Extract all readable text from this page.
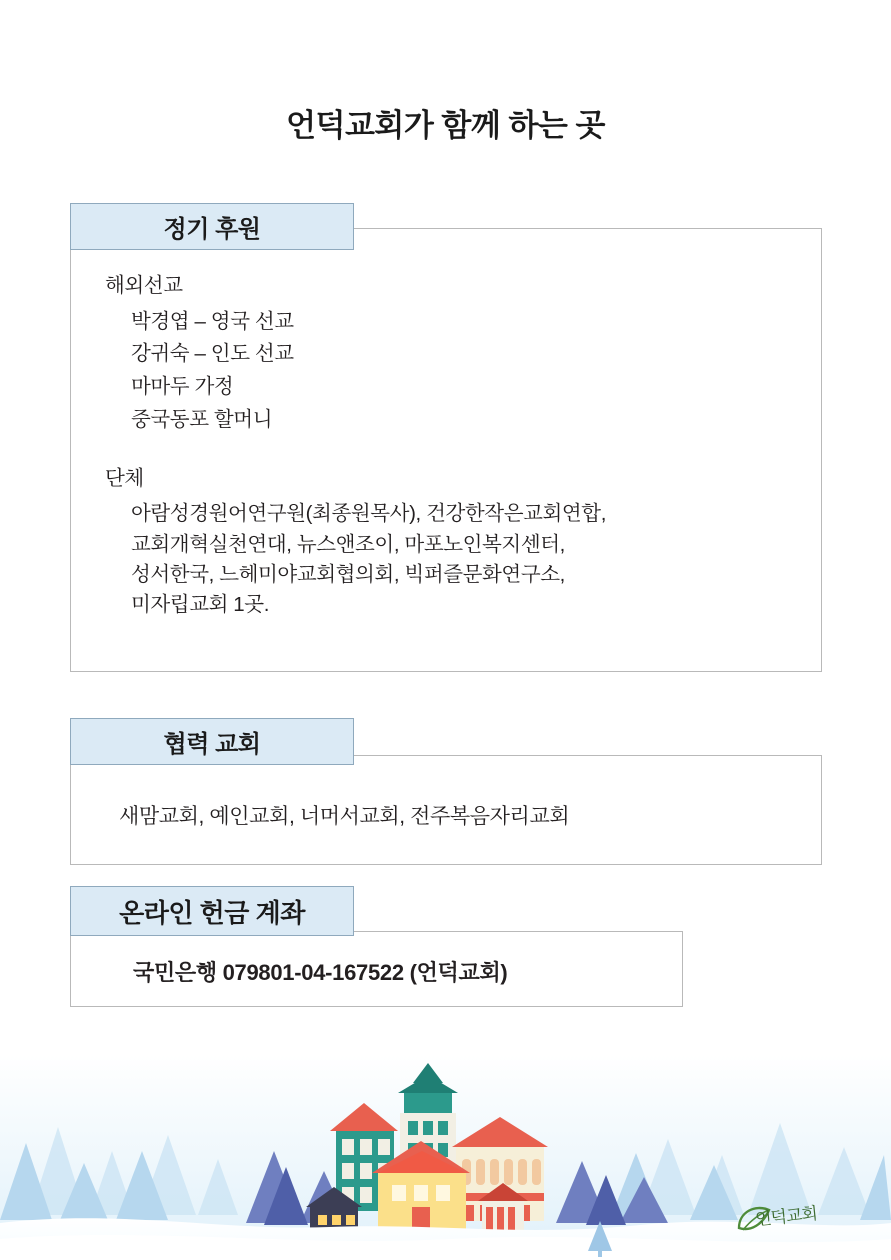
언덕교회가 함께 하는 곳

해외선교

박경엽 – 영국 선교
강귀숙 – 인도 선교
마마두 가정
중국동포 할머니

단체

아람성경원어연구원(최종원목사), 건강한작은교회연합,
교회개혁실천연대, 뉴스앤조이, 마포노인복지센터,
성서한국, 느헤미야교회협의회, 빅퍼즐문화연구소,
미자립교회 1곳.
정기 후원
새맘교회, 예인교회, 너머서교회, 전주복음자리교회
협력 교회
국민은행 079801-04-167522 (언덕교회)
온라인 헌금 계좌
언덕교회
